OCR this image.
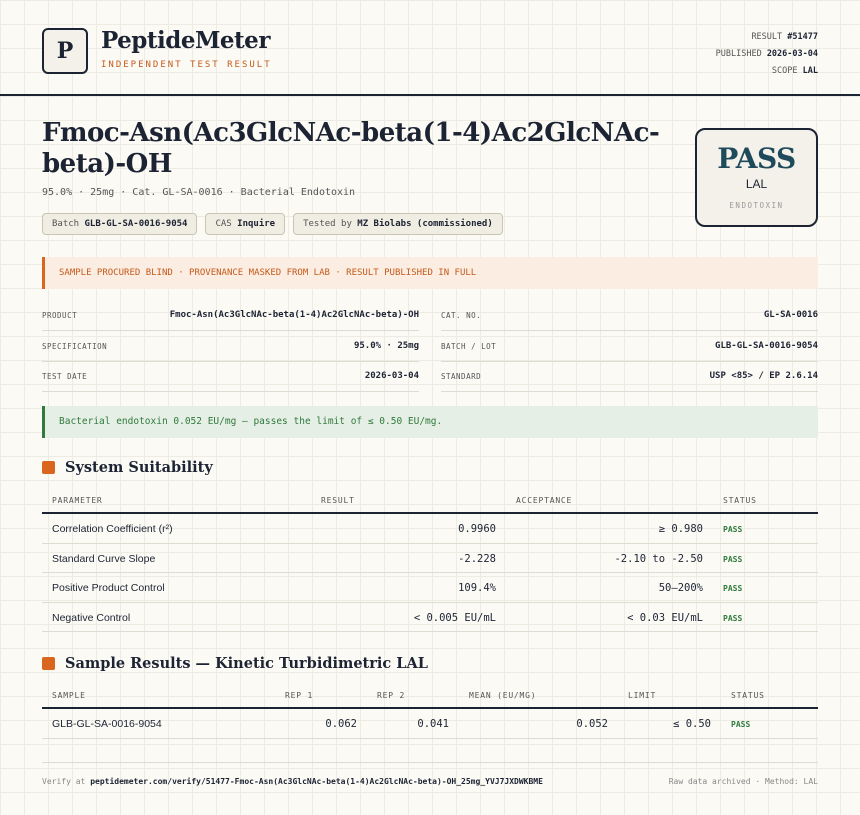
P PeptideMeter
INDEPENDENT TEST RESULT
RESULT #51477
PUBLISHED 2026-03-04
SCOPE LAL
Fmoc-Asn(Ac3GlcNAc-beta(1-4)Ac2GlcNAc-
beta)-OH
95.0% · 25mg · Cat. GL-SA-0016 · Bacterial Endotoxin
Batch GLB-GL-SA-0016-9054	CAS Inquire	Tested by MZ Biolabs (commissioned)
PASS
LAL
ENDOTOXIN
SAMPLE PROCURED BLIND · PROVENANCE MASKED FROM LAB · RESULT PUBLISHED IN FULL
PRODUCT	Fmoc-Asn(Ac3GlcNAc-beta(1-4)Ac2GlcNAc-beta)-OH
SPECIFICATION	95.0% · 25mg
TEST DATE	2026-03-04
CAT. NO.	GL-SA-0016
BATCH / LOT	GLB-GL-SA-0016-9054
STANDARD	USP <85> / EP 2.6.14
Bacterial endotoxin 0.052 EU/mg — passes the limit of ≤ 0.50 EU/mg.
System Suitability
PARAMETER	RESULT	ACCEPTANCE	STATUS
Correlation Coefficient (r²)	0.9960	≥ 0.980	PASS
Standard Curve Slope	-2.228	-2.10 to -2.50	PASS
Positive Product Control	109.4%	50–200%	PASS
Negative Control	< 0.005 EU/mL	< 0.03 EU/mL	PASS
Sample Results — Kinetic Turbidimetric LAL
SAMPLE	REP 1	REP 2	MEAN (EU/MG)	LIMIT	STATUS
GLB-GL-SA-0016-9054	0.062	0.041	0.052	≤ 0.50	PASS
Verify at peptidemeter.com/verify/51477-Fmoc-Asn(Ac3GlcNAc-beta(1-4)Ac2GlcNAc-beta)-OH_25mg_YVJ7JXDWKBME	Raw data archived · Method: LAL
